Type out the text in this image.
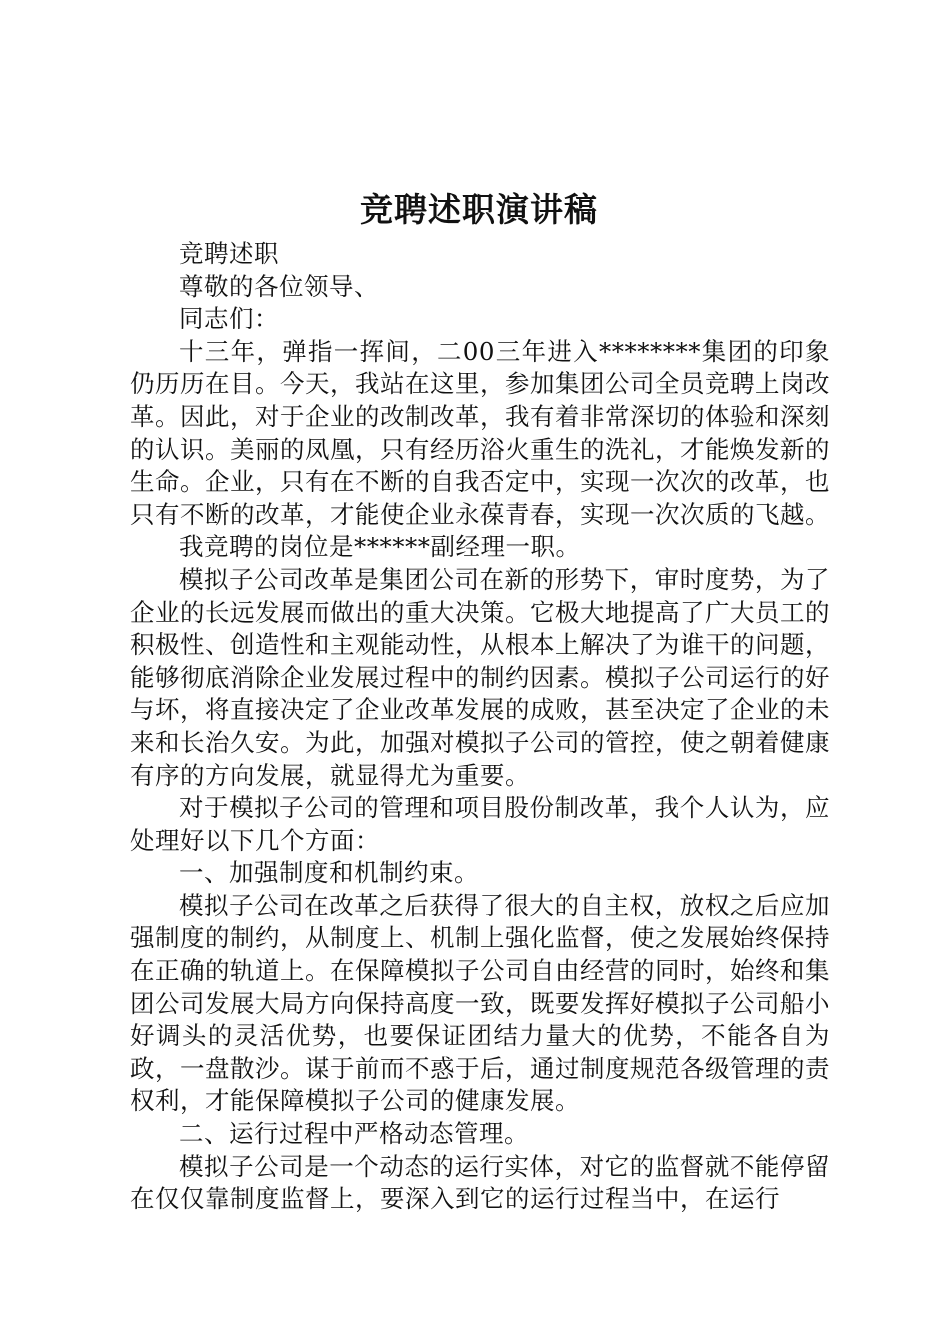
竞聘述职演讲稿

竞聘述职

尊敬的各位领导、

同志们：

十三年，弹指一挥间，二00三年进入********集团的印象仍历历在目。今天，我站在这里，参加集团公司全员竞聘上岗改革。因此，对于企业的改制改革，我有着非常深切的体验和深刻的认识。美丽的凤凰，只有经历浴火重生的洗礼，才能焕发新的生命。企业，只有在不断的自我否定中，实现一次次的改革，也只有不断的改革，才能使企业永葆青春，实现一次次质的飞越。

我竞聘的岗位是******副经理一职。

模拟子公司改革是集团公司在新的形势下，审时度势，为了企业的长远发展而做出的重大决策。它极大地提高了广大员工的积极性、创造性和主观能动性，从根本上解决了为谁干的问题，能够彻底消除企业发展过程中的制约因素。模拟子公司运行的好与坏，将直接决定了企业改革发展的成败，甚至决定了企业的未来和长治久安。为此，加强对模拟子公司的管控，使之朝着健康有序的方向发展，就显得尤为重要。

对于模拟子公司的管理和项目股份制改革，我个人认为，应处理好以下几个方面：

一、加强制度和机制约束。

模拟子公司在改革之后获得了很大的自主权，放权之后应加强制度的制约，从制度上、机制上强化监督，使之发展始终保持在正确的轨道上。在保障模拟子公司自由经营的同时，始终和集团公司发展大局方向保持高度一致，既要发挥好模拟子公司船小好调头的灵活优势，也要保证团结力量大的优势，不能各自为政，一盘散沙。谋于前而不惑于后，通过制度规范各级管理的责权利，才能保障模拟子公司的健康发展。

二、运行过程中严格动态管理。

模拟子公司是一个动态的运行实体，对它的监督就不能停留在仅仅靠制度监督上，要深入到它的运行过程当中，在运行
